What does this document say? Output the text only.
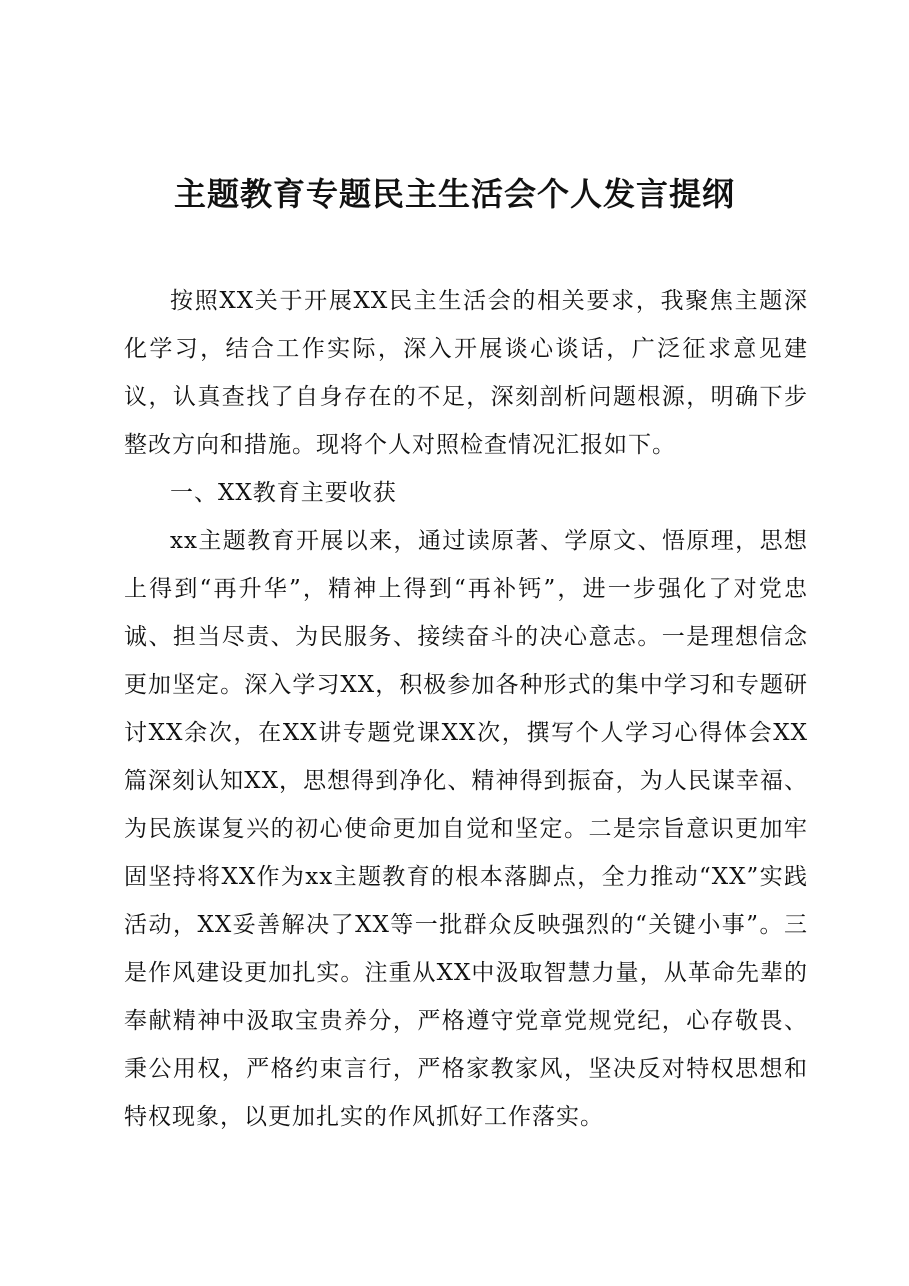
主题教育专题民主生活会个人发言提纲

按照XX关于开展XX民主生活会的相关要求，我聚焦主题深化学习，结合工作实际，深入开展谈心谈话，广泛征求意见建议，认真查找了自身存在的不足，深刻剖析问题根源，明确下步整改方向和措施。现将个人对照检查情况汇报如下。

一、XX教育主要收获

xx主题教育开展以来，通过读原著、学原文、悟原理，思想上得到“再升华”，精神上得到“再补钙”，进一步强化了对党忠诚、担当尽责、为民服务、接续奋斗的决心意志。一是理想信念更加坚定。深入学习XX，积极参加各种形式的集中学习和专题研讨XX余次，在XX讲专题党课XX次，撰写个人学习心得体会XX篇深刻认知XX，思想得到净化、精神得到振奋，为人民谋幸福、为民族谋复兴的初心使命更加自觉和坚定。二是宗旨意识更加牢固坚持将XX作为xx主题教育的根本落脚点，全力推动“XX”实践活动，XX妥善解决了XX等一批群众反映强烈的“关键小事”。三是作风建设更加扎实。注重从XX中汲取智慧力量，从革命先辈的奉献精神中汲取宝贵养分，严格遵守党章党规党纪，心存敬畏、秉公用权，严格约束言行，严格家教家风，坚决反对特权思想和特权现象，以更加扎实的作风抓好工作落实。
